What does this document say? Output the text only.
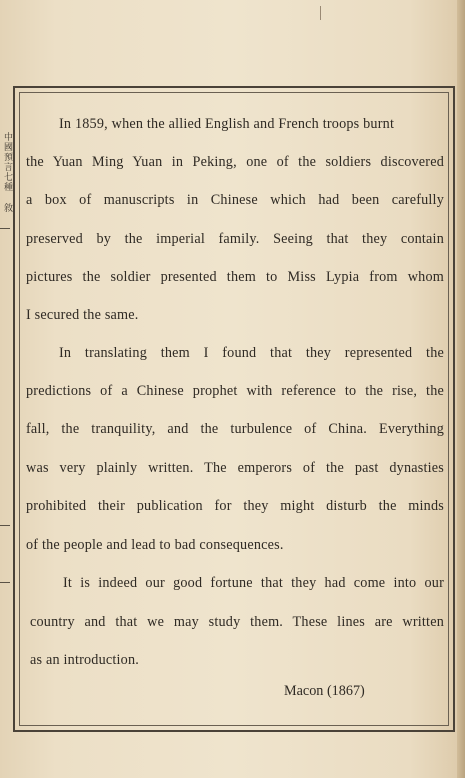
中國預言七種 敘
In 1859, when the allied English and French troops burnt
the Yuan Ming Yuan in Peking, one of the soldiers discovered
a box of manuscripts in Chinese which had been carefully
preserved by the imperial family. Seeing that they contain
pictures the soldier presented them to Miss Lypia from whom
I secured the same.
In translating them I found that they represented the
predictions of a Chinese prophet with reference to the rise, the
fall, the tranquility, and the turbulence of China. Everything
was very plainly written. The emperors of the past dynasties
prohibited their publication for they might disturb the minds
of the people and lead to bad consequences.
It is indeed our good fortune that they had come into our
country and that we may study them. These lines are written
as an introduction.
Macon (1867)
